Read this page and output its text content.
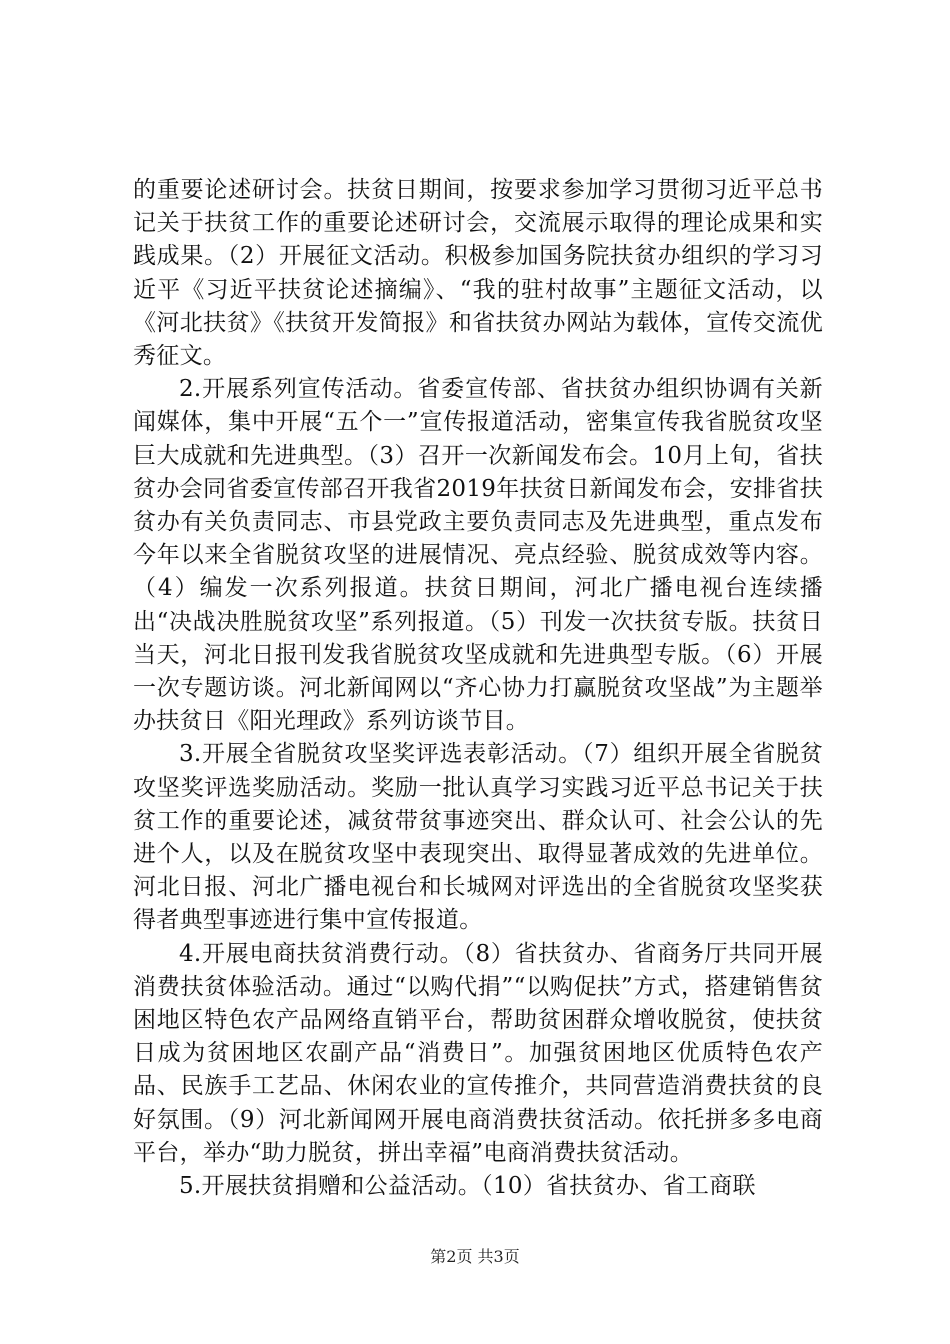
的重要论述研讨会。扶贫日期间，按要求参加学习贯彻习近平总书记关于扶贫工作的重要论述研讨会，交流展示取得的理论成果和实践成果。（2）开展征文活动。积极参加国务院扶贫办组织的学习习近平《习近平扶贫论述摘编》、“我的驻村故事”主题征文活动，以《河北扶贫》《扶贫开发简报》和省扶贫办网站为载体，宣传交流优秀征文。

2.开展系列宣传活动。省委宣传部、省扶贫办组织协调有关新闻媒体，集中开展“五个一”宣传报道活动，密集宣传我省脱贫攻坚巨大成就和先进典型。（3）召开一次新闻发布会。10月上旬，省扶贫办会同省委宣传部召开我省2019年扶贫日新闻发布会，安排省扶贫办有关负责同志、市县党政主要负责同志及先进典型，重点发布今年以来全省脱贫攻坚的进展情况、亮点经验、脱贫成效等内容。（4）编发一次系列报道。扶贫日期间，河北广播电视台连续播出“决战决胜脱贫攻坚”系列报道。（5）刊发一次扶贫专版。扶贫日当天，河北日报刊发我省脱贫攻坚成就和先进典型专版。（6）开展一次专题访谈。河北新闻网以“齐心协力打赢脱贫攻坚战”为主题举办扶贫日《阳光理政》系列访谈节目。

3.开展全省脱贫攻坚奖评选表彰活动。（7）组织开展全省脱贫攻坚奖评选奖励活动。奖励一批认真学习实践习近平总书记关于扶贫工作的重要论述，减贫带贫事迹突出、群众认可、社会公认的先进个人，以及在脱贫攻坚中表现突出、取得显著成效的先进单位。河北日报、河北广播电视台和长城网对评选出的全省脱贫攻坚奖获得者典型事迹进行集中宣传报道。

4.开展电商扶贫消费行动。（8）省扶贫办、省商务厅共同开展消费扶贫体验活动。通过“以购代捐”“以购促扶”方式，搭建销售贫困地区特色农产品网络直销平台，帮助贫困群众增收脱贫，使扶贫日成为贫困地区农副产品“消费日”。加强贫困地区优质特色农产品、民族手工艺品、休闲农业的宣传推介，共同营造消费扶贫的良好氛围。（9）河北新闻网开展电商消费扶贫活动。依托拼多多电商平台，举办“助力脱贫，拼出幸福”电商消费扶贫活动。

5.开展扶贫捐赠和公益活动。（10）省扶贫办、省工商联

第2页 共3页
